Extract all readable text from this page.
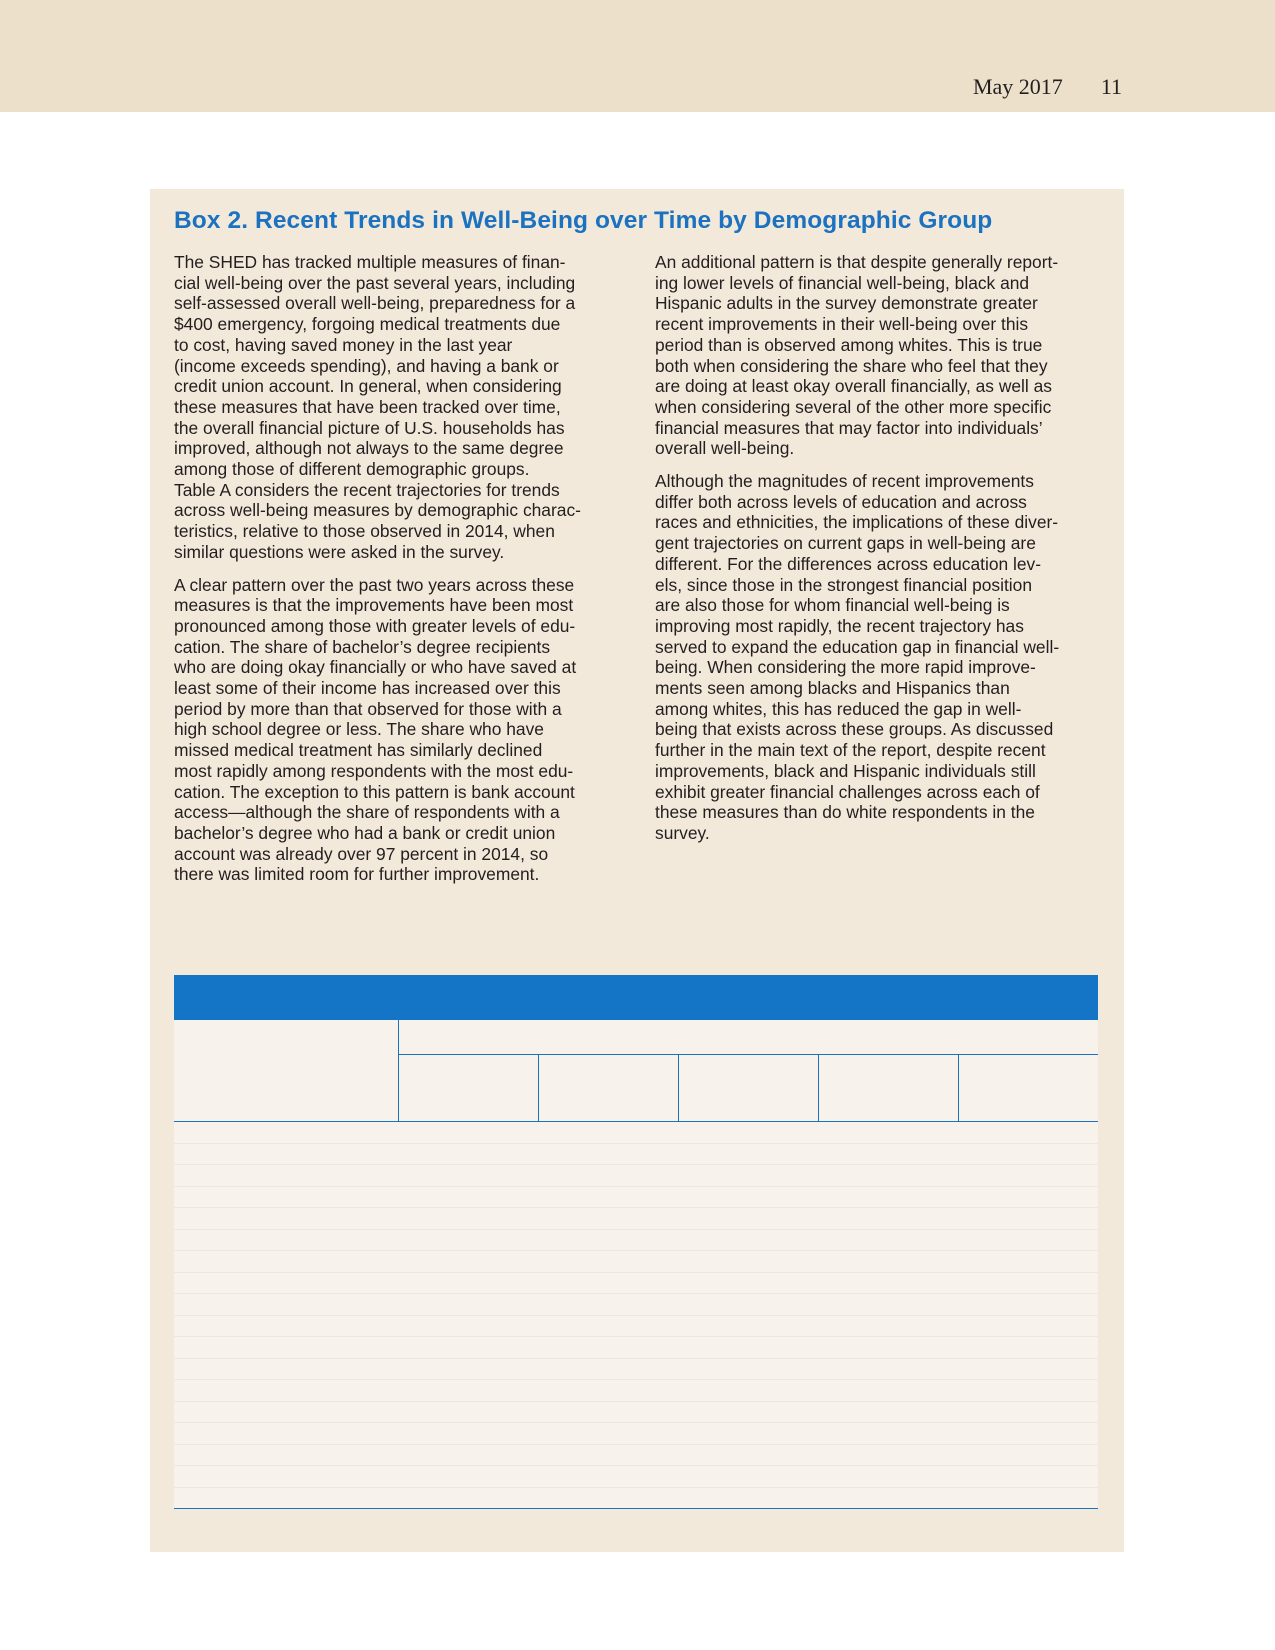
May 2017 11
Box 2. Recent Trends in Well-Being over Time by Demographic Group

The SHED has tracked multiple measures of finan-
cial well-being over the past several years, including
self-assessed overall well-being, preparedness for a
$400 emergency, forgoing medical treatments due
to cost, having saved money in the last year
(income exceeds spending), and having a bank or
credit union account. In general, when considering
these measures that have been tracked over time,
the overall financial picture of U.S. households has
improved, although not always to the same degree
among those of different demographic groups.
Table A considers the recent trajectories for trends
across well-being measures by demographic charac-
teristics, relative to those observed in 2014, when
similar questions were asked in the survey.

A clear pattern over the past two years across these
measures is that the improvements have been most
pronounced among those with greater levels of edu-
cation. The share of bachelor’s degree recipients
who are doing okay financially or who have saved at
least some of their income has increased over this
period by more than that observed for those with a
high school degree or less. The share who have
missed medical treatment has similarly declined
most rapidly among respondents with the most edu-
cation. The exception to this pattern is bank account
access—although the share of respondents with a
bachelor’s degree who had a bank or credit union
account was already over 97 percent in 2014, so
there was limited room for further improvement.

An additional pattern is that despite generally report-
ing lower levels of financial well-being, black and
Hispanic adults in the survey demonstrate greater
recent improvements in their well-being over this
period than is observed among whites. This is true
both when considering the share who feel that they
are doing at least okay overall financially, as well as
when considering several of the other more specific
financial measures that may factor into individuals’
overall well-being.

Although the magnitudes of recent improvements
differ both across levels of education and across
races and ethnicities, the implications of these diver-
gent trajectories on current gaps in well-being are
different. For the differences across education lev-
els, since those in the strongest financial position
are also those for whom financial well-being is
improving most rapidly, the recent trajectory has
served to expand the education gap in financial well-
being. When considering the more rapid improve-
ments seen among blacks and Hispanics than
among whites, this has reduced the gap in well-
being that exists across these groups. As discussed
further in the main text of the report, despite recent
improvements, black and Hispanic individuals still
exhibit greater financial challenges across each of
these measures than do white respondents in the
survey.
